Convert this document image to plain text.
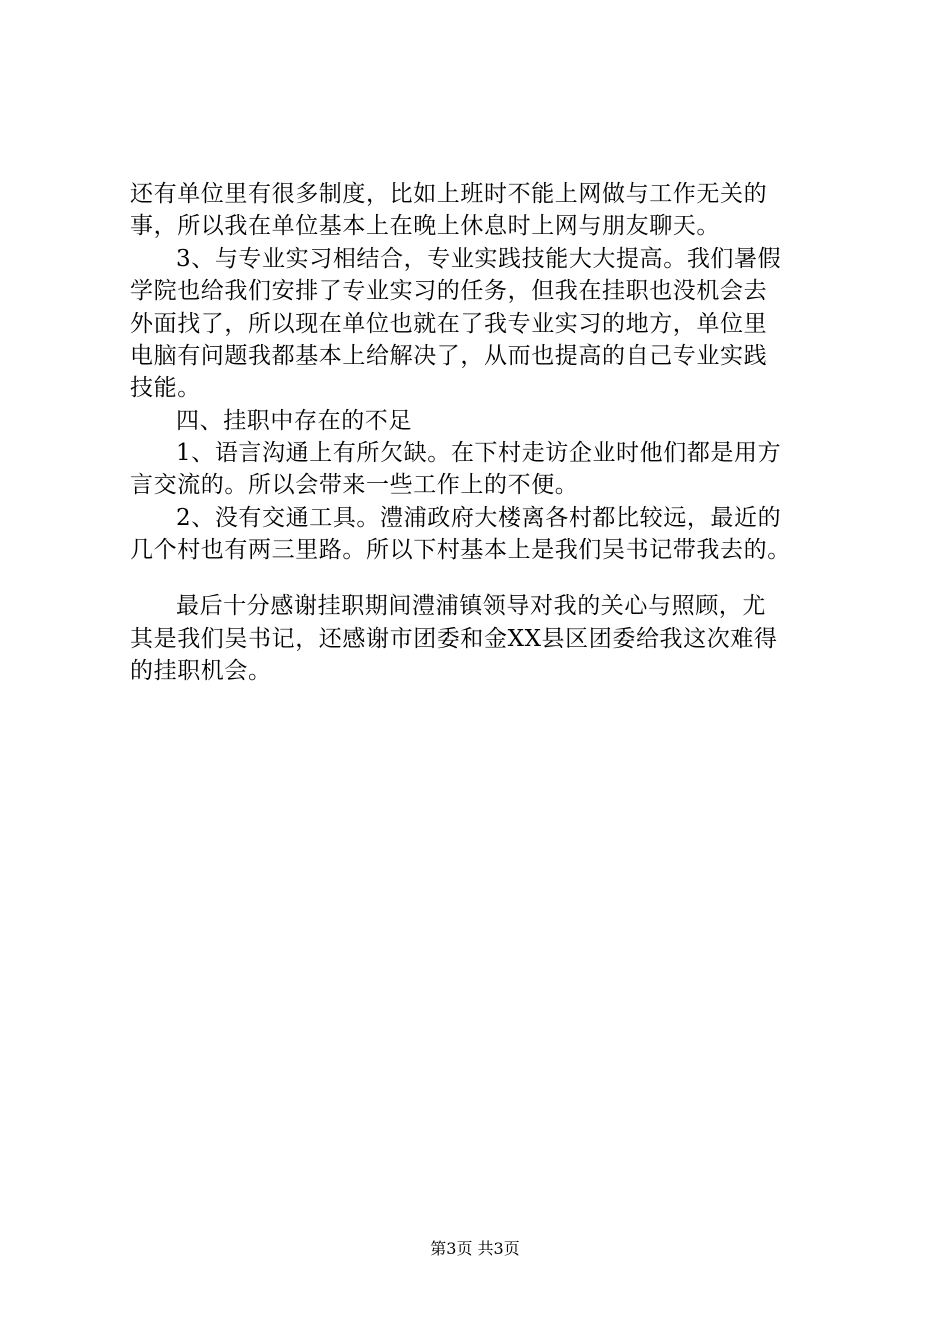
还有单位里有很多制度，比如上班时不能上网做与工作无关的
事，所以我在单位基本上在晚上休息时上网与朋友聊天。
3、与专业实习相结合，专业实践技能大大提高。我们暑假
学院也给我们安排了专业实习的任务，但我在挂职也没机会去
外面找了，所以现在单位也就在了我专业实习的地方，单位里
电脑有问题我都基本上给解决了，从而也提高的自己专业实践
技能。
四、挂职中存在的不足
1、语言沟通上有所欠缺。在下村走访企业时他们都是用方
言交流的。所以会带来一些工作上的不便。
2、没有交通工具。澧浦政府大楼离各村都比较远，最近的
几个村也有两三里路。所以下村基本上是我们吴书记带我去的。
最后十分感谢挂职期间澧浦镇领导对我的关心与照顾，尤
其是我们吴书记，还感谢市团委和金XX县区团委给我这次难得
的挂职机会。
第3页 共3页
